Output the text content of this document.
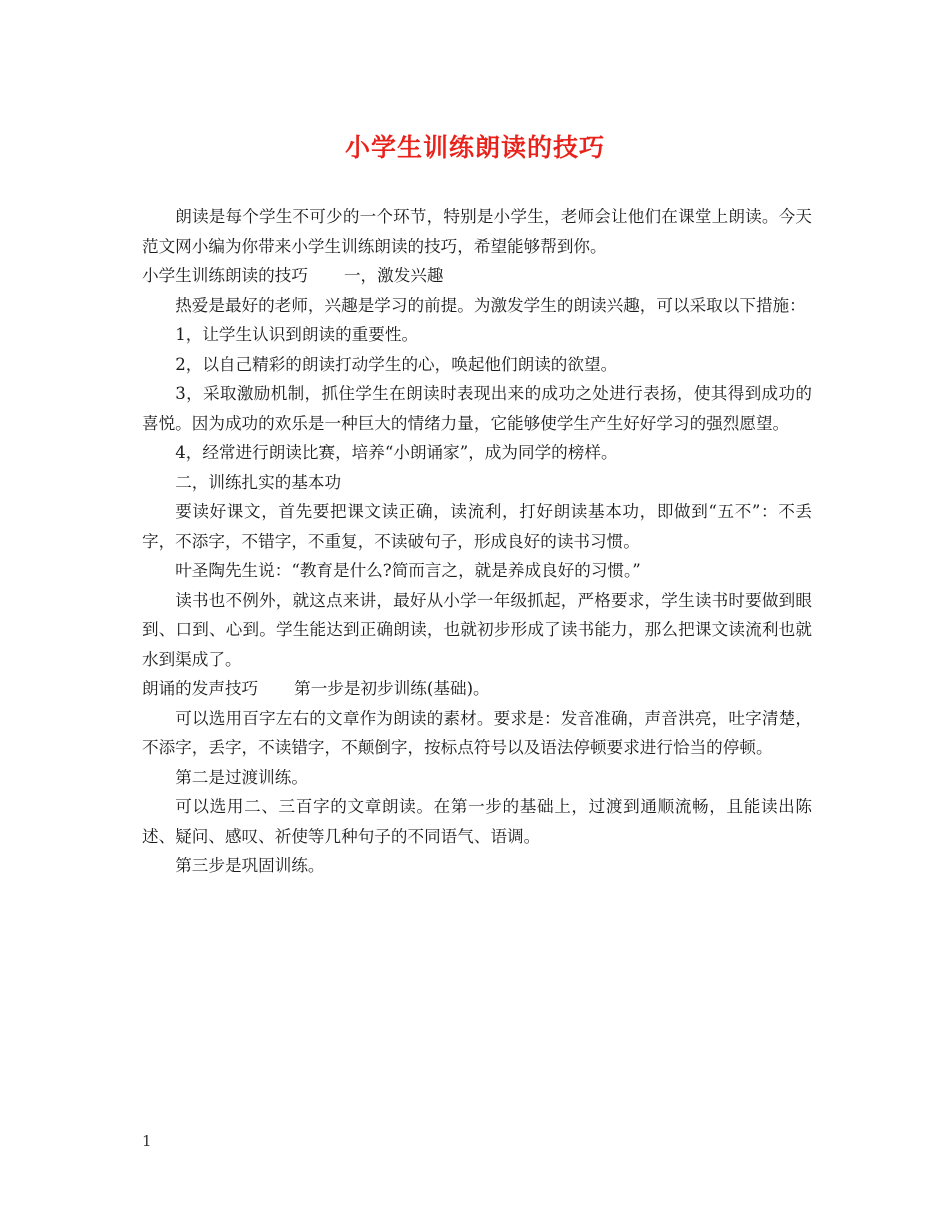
小学生训练朗读的技巧

朗读是每个学生不可少的一个环节，特别是小学生，老师会让他们在课堂上朗读。今天范文网小编为你带来小学生训练朗读的技巧，希望能够帮到你。

小学生训练朗读的技巧 一，激发兴趣

热爱是最好的老师，兴趣是学习的前提。为激发学生的朗读兴趣，可以采取以下措施：

1，让学生认识到朗读的重要性。

2，以自己精彩的朗读打动学生的心，唤起他们朗读的欲望。

3，采取激励机制，抓住学生在朗读时表现出来的成功之处进行表扬，使其得到成功的喜悦。因为成功的欢乐是一种巨大的情绪力量，它能够使学生产生好好学习的强烈愿望。

4，经常进行朗读比赛，培养“小朗诵家”，成为同学的榜样。

二，训练扎实的基本功

要读好课文，首先要把课文读正确，读流利，打好朗读基本功，即做到“五不”：不丢字，不添字，不错字，不重复，不读破句子，形成良好的读书习惯。

叶圣陶先生说：“教育是什么?简而言之，就是养成良好的习惯。”

读书也不例外，就这点来讲，最好从小学一年级抓起，严格要求，学生读书时要做到眼到、口到、心到。学生能达到正确朗读，也就初步形成了读书能力，那么把课文读流利也就水到渠成了。

朗诵的发声技巧 第一步是初步训练(基础)。

可以选用百字左右的文章作为朗读的素材。要求是：发音准确，声音洪亮，吐字清楚，不添字，丢字，不读错字，不颠倒字，按标点符号以及语法停顿要求进行恰当的停顿。

第二是过渡训练。

可以选用二、三百字的文章朗读。在第一步的基础上，过渡到通顺流畅，且能读出陈述、疑问、感叹、祈使等几种句子的不同语气、语调。

第三步是巩固训练。

1
